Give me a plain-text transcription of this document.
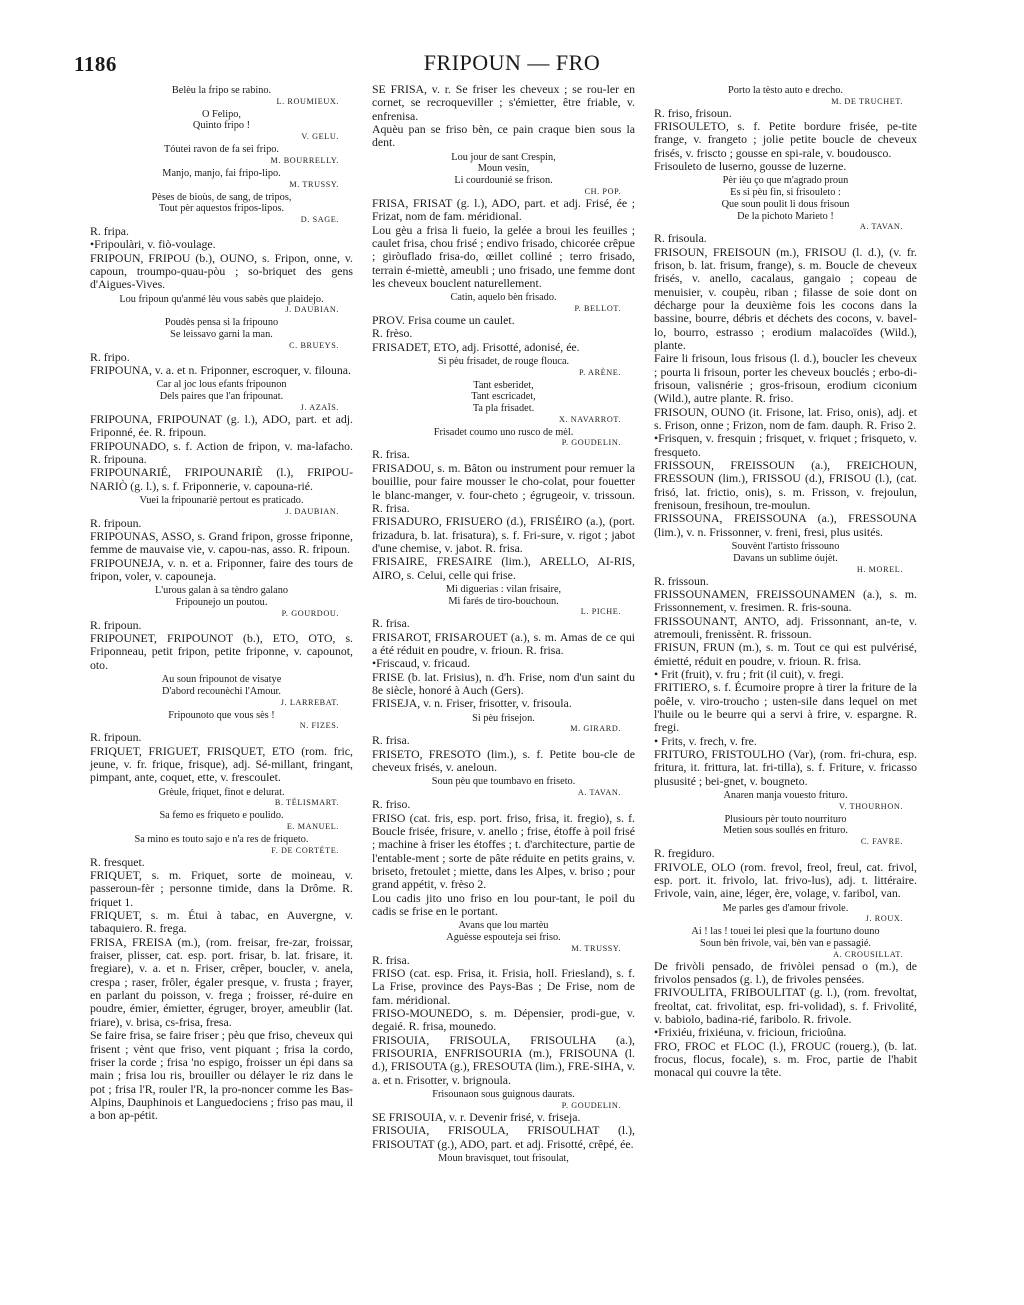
1186	FRIPOUN — FRO

Belèu la fripo se rabino.

L. ROUMIEUX.

O Felipo,

Quinto fripo !

V. GELU.

Tóutei ravon de fa sei fripo.

M. BOURRELLY.

Manjo, manjo, fai fripo-lipo.

M. TRUSSY.

Pèses de bioùs, de sang, de tripos,

Tout pèr aquestos fripos-lipos.

D. SAGE.

R. fripa.

•Fripoulàri, v. fiò-voulage.

FRIPOUN, FRIPOU (b.), OUNO, s. Fripon, onne, v. capoun, troumpo-quau-pòu ; so-briquet des gens d'Aigues-Vives.

Lou fripoun qu'anmé lèu vous sabès que plaidejo.

J. DAUBIAN.

Poudès pensa si la fripouno

Se leissavo garni la man.

C. BRUEYS.

R. fripo.

FRIPOUNA, v. a. et n. Friponner, escroquer, v. filouna.

Car al joc lous efants fripounon

Dels paires que l'an fripounat.

J. AZAÏS.

FRIPOUNA, FRIPOUNAT (g. l.), ADO, part. et adj. Friponné, ée. R. fripoun.

FRIPOUNADO, s. f. Action de fripon, v. ma-lafacho. R. fripouna.

FRIPOUNARIÉ, FRIPOUNARIÈ (l.), FRIPOU-NARIÒ (g. l.), s. f. Friponnerie, v. capouna-rié.

Vuei la fripounariè pertout es praticado.

J. DAUBIAN.

R. fripoun.

FRIPOUNAS, ASSO, s. Grand fripon, grosse friponne, femme de mauvaise vie, v. capou-nas, asso. R. fripoun.

FRIPOUNEJA, v. n. et a. Friponner, faire des tours de fripon, voler, v. capouneja.

L'urous galan à sa tèndro galano

Fripounejo un poutou.

P. GOURDOU.

R. fripoun.

FRIPOUNET, FRIPOUNOT (b.), ETO, OTO, s. Friponneau, petit fripon, petite friponne, v. capounot, oto.

Au soun fripounot de visatye

D'abord recounèchi l'Amour.

J. LARREBAT.

Fripounoto que vous sès !

N. FIZES.

R. fripoun.

FRIQUET, FRIGUET, FRISQUET, ETO (rom. fric, jeune, v. fr. frique, frisque), adj. Sé-millant, fringant, pimpant, ante, coquet, ette, v. frescoulet.

Grèule, friquet, finot e delurat.

B. TÉLISMART.

Sa femo es friqueto e poulido.

E. MANUEL.

Sa mino es touto sajo e n'a res de friqueto.

F. DE CORTÈTE.

R. fresquet.

FRIQUET, s. m. Friquet, sorte de moineau, v. passeroun-fèr ; personne timide, dans la Drôme. R. friquet 1.

FRIQUET, s. m. Étui à tabac, en Auvergne, v. tabaquiero. R. frega.

FRISA, FREISA (m.), (rom. freisar, fre-zar, froissar, fraiser, plisser, cat. esp. port. frisar, b. lat. frisare, it. fregiare), v. a. et n. Friser, crêper, boucler, v. anela, crespa ; raser, frôler, égaler presque, v. frusta ; frayer, en parlant du poisson, v. frega ; froisser, ré-duire en poudre, émier, émietter, égruger, broyer, ameublir (lat. friare), v. brisa, cs-frisa, fresa.

Se faire frisa, se faire friser ; pèu que friso, cheveux qui frisent ; vènt que friso, vent piquant ; frisa la cordo, friser la corde ; frisa 'no espigo, froisser un épi dans sa main ; frisa lou ris, brouiller ou délayer le riz dans le pot ; frisa l'R, rouler l'R, la pro-noncer comme les Bas-Alpins, Dauphinois et Languedociens ; friso pas mau, il a bon ap-pétit.

SE FRISA, v. r. Se friser les cheveux ; se rou-ler en cornet, se recroqueviller ; s'émietter, être friable, v. enfrenisa.

Aquèu pan se friso bèn, ce pain craque bien sous la dent.

Lou jour de sant Crespin,

Moun vesin,

Li courdounié se frison.

CH. POP.

FRISA, FRISAT (g. l.), ADO, part. et adj. Frisé, ée ; Frizat, nom de fam. méridional.

Lou gèu a frisa li fueio, la gelée a broui les feuilles ; caulet frisa, chou frisé ; endivo frisado, chicorée crêpue ; giròuflado frisa-do, œillet colliné ; terro frisado, terrain é-miettè, ameubli ; uno frisado, une femme dont les cheveux bouclent naturellement.

Catin, aquelo bèn frisado.

P. BELLOT.

PROV. Frisa coume un caulet.

R. frèso.

FRISADET, ETO, adj. Frisotté, adonisé, ée.

Si pèu frisadet, de rouge flouca.

P. ARÈNE.

Tant esberidet,

Tant escricadet,

Ta pla frisadet.

X. NAVARROT.

Frisadet coumo uno rusco de mèl.

P. GOUDELIN.

R. frisa.

FRISADOU, s. m. Bâton ou instrument pour remuer la bouillie, pour faire mousser le cho-colat, pour fouetter le blanc-manger, v. four-cheto ; égrugeoir, v. trissoun. R. frisa.

FRISADURO, FRISUERO (d.), FRISÉIRO (a.), (port. frizadura, b. lat. frisatura), s. f. Fri-sure, v. rigot ; jabot d'une chemise, v. jabot. R. frisa.

FRISAIRE, FRESAIRE (lim.), ARELLO, AI-RIS, AIRO, s. Celui, celle qui frise.

Mi diguerias : vilan frisaire,

Mi farés de tiro-bouchoun.

L. PICHE.

R. frisa.

FRISAROT, FRISAROUET (a.), s. m. Amas de ce qui a été réduit en poudre, v. frioun. R. frisa.

•Friscaud, v. fricaud.

FRISE (b. lat. Frisius), n. d'h. Frise, nom d'un saint du 8e siècle, honoré à Auch (Gers).

FRISEJA, v. n. Friser, frisotter, v. frisoula.

Si pèu frisejon.

M. GIRARD.

R. frisa.

FRISETO, FRESOTO (lim.), s. f. Petite bou-cle de cheveux frisés, v. aneloun.

Soun pèu que toumbavo en friseto.

A. TAVAN.

R. friso.

FRISO (cat. fris, esp. port. friso, frisa, it. fregio), s. f. Boucle frisée, frisure, v. anello ; frise, étoffe à poil frisé ; machine à friser les étoffes ; t. d'architecture, partie de l'entable-ment ; sorte de pâte réduite en petits grains, v. briseto, fretoulet ; miette, dans les Alpes, v. briso ; pour grand appétit, v. frèso 2.

Lou cadis jito uno friso en lou pour-tant, le poil du cadis se frise en le portant.

Avans que lou martèu

Aguèsse espouteja sei friso.

M. TRUSSY.

R. frisa.

FRISO (cat. esp. Frisa, it. Frisia, holl. Friesland), s. f. La Frise, province des Pays-Bas ; De Frise, nom de fam. méridional.

FRISO-MOUNEDO, s. m. Dépensier, prodi-gue, v. degaié. R. frisa, mounedo.

FRISOUIA, FRISOULA, FRISOULHA (a.), FRISOURIA, ENFRISOURIA (m.), FRISOUNA (l. d.), FRISOUTA (g.), FRESOUTA (lim.), FRE-SIHA, v. a. et n. Frisotter, v. brignoula.

Frisounaon sous guignous daurats.

P. GOUDELIN.

SE FRISOUIA, v. r. Devenir frisé, v. friseja.

FRISOUIA, FRISOULA, FRISOULHAT (l.), FRISOUTAT (g.), ADO, part. et adj. Frisotté, crêpé, ée.

Moun bravisquet, tout frisoulat,

Porto la tèsto auto e drecho.

M. DE TRUCHET.

R. friso, frisoun.

FRISOULETO, s. f. Petite bordure frisée, pe-tite frange, v. frangeto ; jolie petite boucle de cheveux frisés, v. friscto ; gousse en spi-rale, v. boudousco.

Frisouleto de luserno, gousse de luzerne.

Pèr ièu ço que m'agrado proun

Es si pèu fin, si frisouleto :

Que soun poulit li dous frisoun

De la pichoto Marieto !

A. TAVAN.

R. frisoula.

FRISOUN, FREISOUN (m.), FRISOU (l. d.), (v. fr. frison, b. lat. frisum, frange), s. m. Boucle de cheveux frisés, v. anello, cacalaus, gangaio ; copeau de menuisier, v. coupèu, riban ; filasse de soie dont on décharge pour la deuxième fois les cocons dans la bassine, bourre, débris et déchets des cocons, v. bavel-lo, bourro, estrasso ; erodium malacoïdes (Wild.), plante.

Faire li frisoun, lous frisous (l. d.), boucler les cheveux ; pourta li frisoun, porter les cheveux bouclés ; erbo-di-frisoun, valisnérie ; gros-frisoun, erodium ciconium (Wild.), autre plante. R. friso.

FRISOUN, OUNO (it. Frisone, lat. Friso, onis), adj. et s. Frison, onne ; Frizon, nom de fam. dauph. R. Friso 2.

•Frisquen, v. fresquin ; frisquet, v. friquet ; frisqueto, v. fresqueto.

FRISSOUN, FREISSOUN (a.), FREICHOUN, FRESSOUN (lim.), FRISSOU (d.), FRISOU (l.), (cat. frisó, lat. frictio, onis), s. m. Frisson, v. frejoulun, frenisoun, fresihoun, tre-moulun.

FRISSOUNA, FREISSOUNA (a.), FRESSOUNA (lim.), v. n. Frissonner, v. freni, fresi, plus usités.

Souvènt l'artisto frissouno

Davans un sublime óujèt.

H. MOREL.

R. frissoun.

FRISSOUNAMEN, FREISSOUNAMEN (a.), s. m. Frissonnement, v. fresimen. R. fris-souna.

FRISSOUNANT, ANTO, adj. Frissonnant, an-te, v. atremouli, frenissènt. R. frissoun.

FRISUN, FRUN (m.), s. m. Tout ce qui est pulvérisé, émietté, réduit en poudre, v. frioun. R. frisa.

• Frit (fruit), v. fru ; frit (il cuit), v. fregi.

FRITIERO, s. f. Écumoire propre à tirer la friture de la poêle, v. viro-troucho ; usten-sile dans lequel on met l'huile ou le beurre qui a servi à frire, v. espargne. R. fregi.

• Frits, v. frech, v. fre.

FRITURO, FRISTOULHO (Var), (rom. fri-chura, esp. fritura, it. frittura, lat. fri-tilla), s. f. Friture, v. fricasso plususité ; bei-gnet, v. bougneto.

Anaren manja vouesto frituro.

V. THOURHON.

Plusiours pèr touto nourrituro

Metien sous soullés en frituro.

C. FAVRE.

R. fregiduro.

FRIVOLE, OLO (rom. frevol, freol, freul, cat. frivol, esp. port. it. frivolo, lat. frivo-lus), adj. t. littéraire. Frivole, vain, aine, léger, ère, volage, v. faribol, van.

Me parles ges d'amour frivole.

J. ROUX.

Ai ! las ! touei lei plesi que la fourtuno douno

Soun bèn frivole, vai, bèn van e passagié.

A. CROUSILLAT.

De frivòli pensado, de frivòlei pensad o (m.), de frivolos pensados (g. l.), de frivoles pensées.

FRIVOULITA, FRIBOULITAT (g. l.), (rom. frevoltat, freoltat, cat. frivolitat, esp. fri-volidad), s. f. Frivolité, v. babiolo, badina-rié, faribolo. R. frivole.

•Frixiéu, frixiéuna, v. fricioun, fricioûna.

FRO, FROC et FLOC (l.), FROUC (rouerg.), (b. lat. frocus, flocus, focale), s. m. Froc, partie de l'habit monacal qui couvre la tête.
